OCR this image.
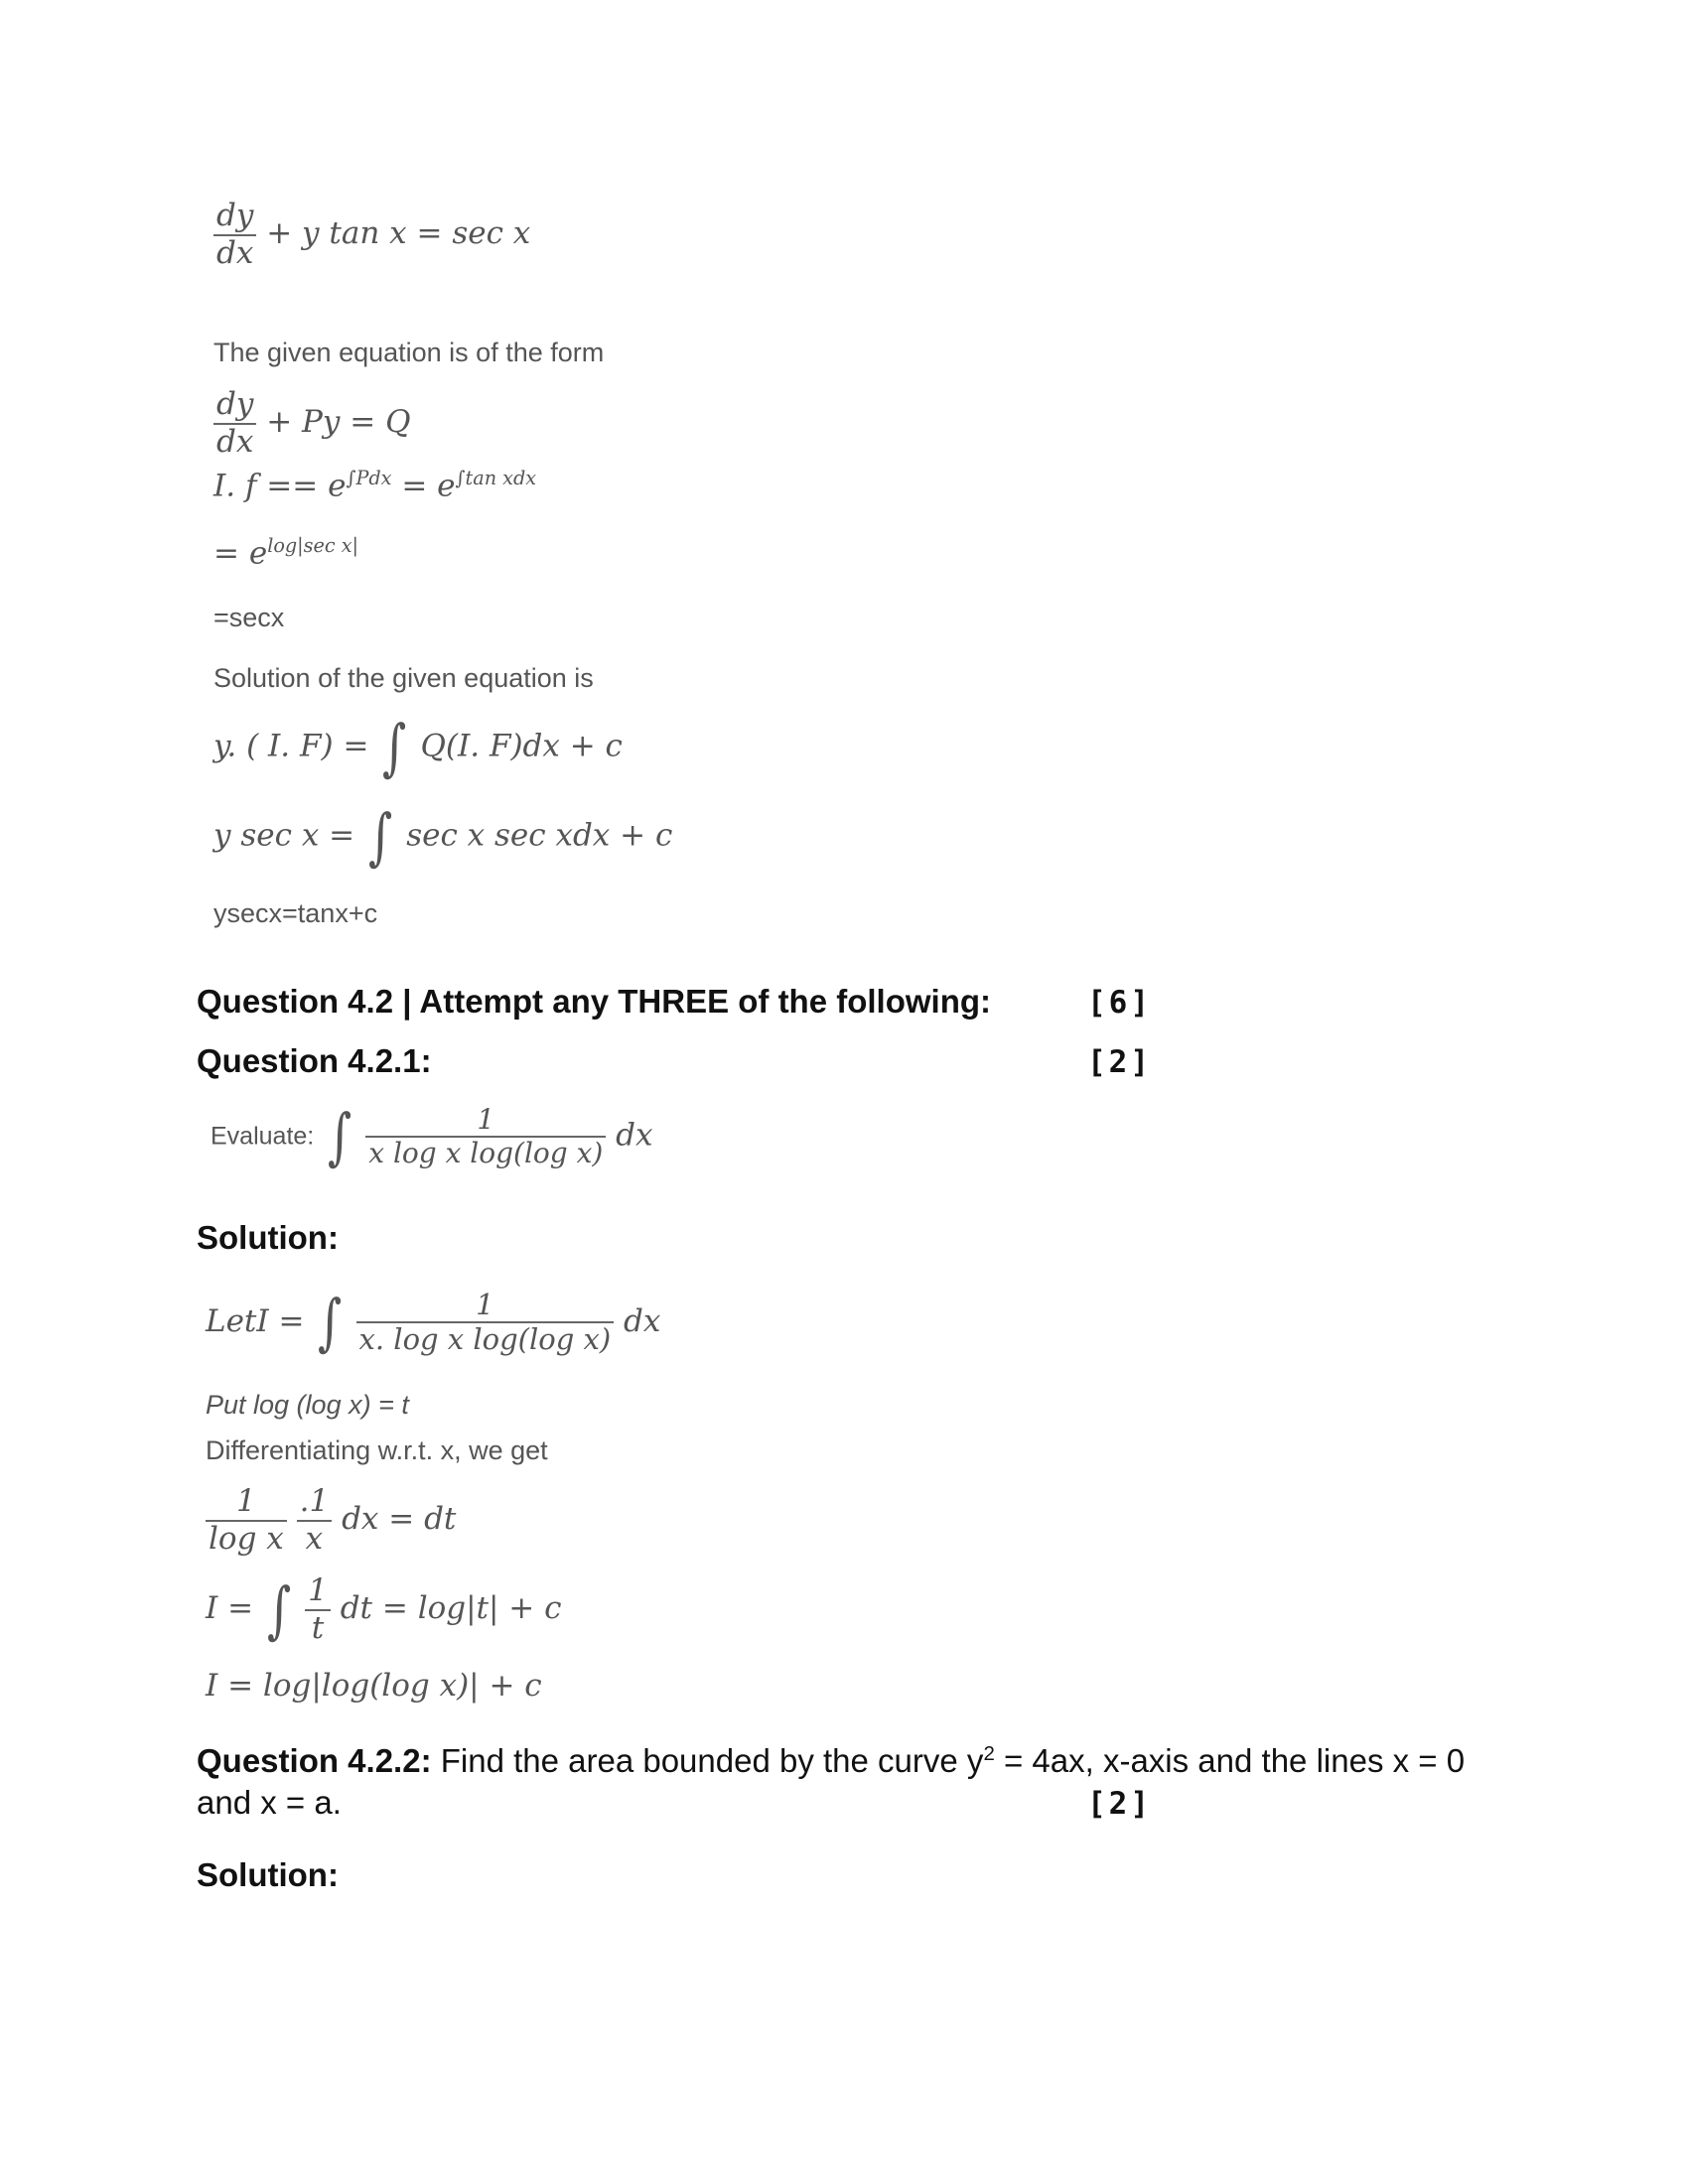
$\frac{dy}{dx} + y$ tan x = sec x
The given equation is of the form
$\frac{dy}{dx} + Py = Q$
I. $f == e^{\int Pdx} = e^{\int tan xdx}$
= $e^{log|sec x|}$
=secx
Solution of the given equation is
y. ( I. F) = ∫ Q(I. F)dx + c
y sec x = ∫ sec x sec xdx + c
ysecx=tanx+c
Question 4.2 | Attempt any THREE of the following:	[6]
Question 4.2.1:	[2]
Evaluate: ∫ $\frac{1}{\text{x log x log(log x)}}$ dx
Solution:
LetI = ∫ $\frac{1}{\text{x. log x log(log x)}}$ dx
Put log (log x) = t
Differentiating w.r.t. x, we get
$\frac{1}{\text{log x}}$
$\frac{.1}{x}$ dx = dt
I = ∫ $\frac{1}{t}$ dt = log|t| + c
I = log|log(log x)| + c
Question 4.2.2: Find the area bounded by the curve $y^2 = 4ax$, x-axis and the lines x = 0
and x = a.	[2]
Solution:
